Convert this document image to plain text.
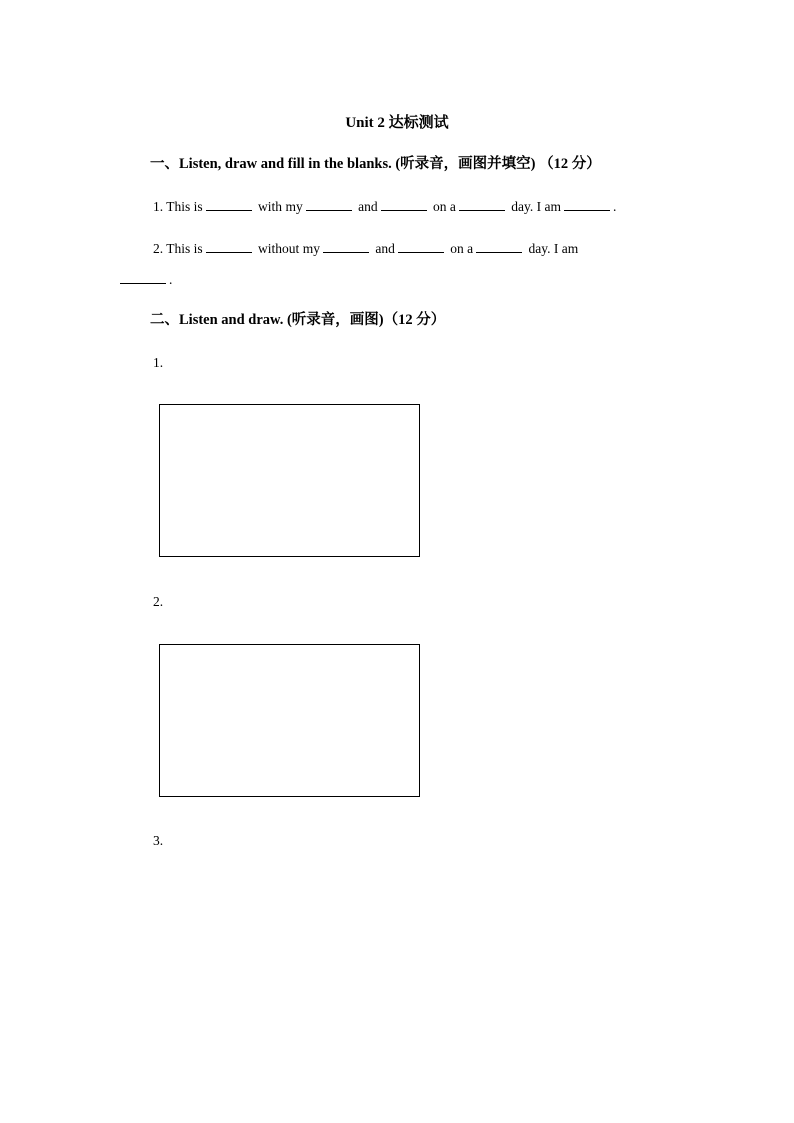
Unit 2 达标测试
一、Listen, draw and fill in the blanks. (听录音，画图并填空) （12 分）
1. This is	with my	and	on a	day. I am	.
2. This is	without my	and	on a	day. I am
.
二、Listen and draw. (听录音，画图)（12 分）
1.
2.
3.
